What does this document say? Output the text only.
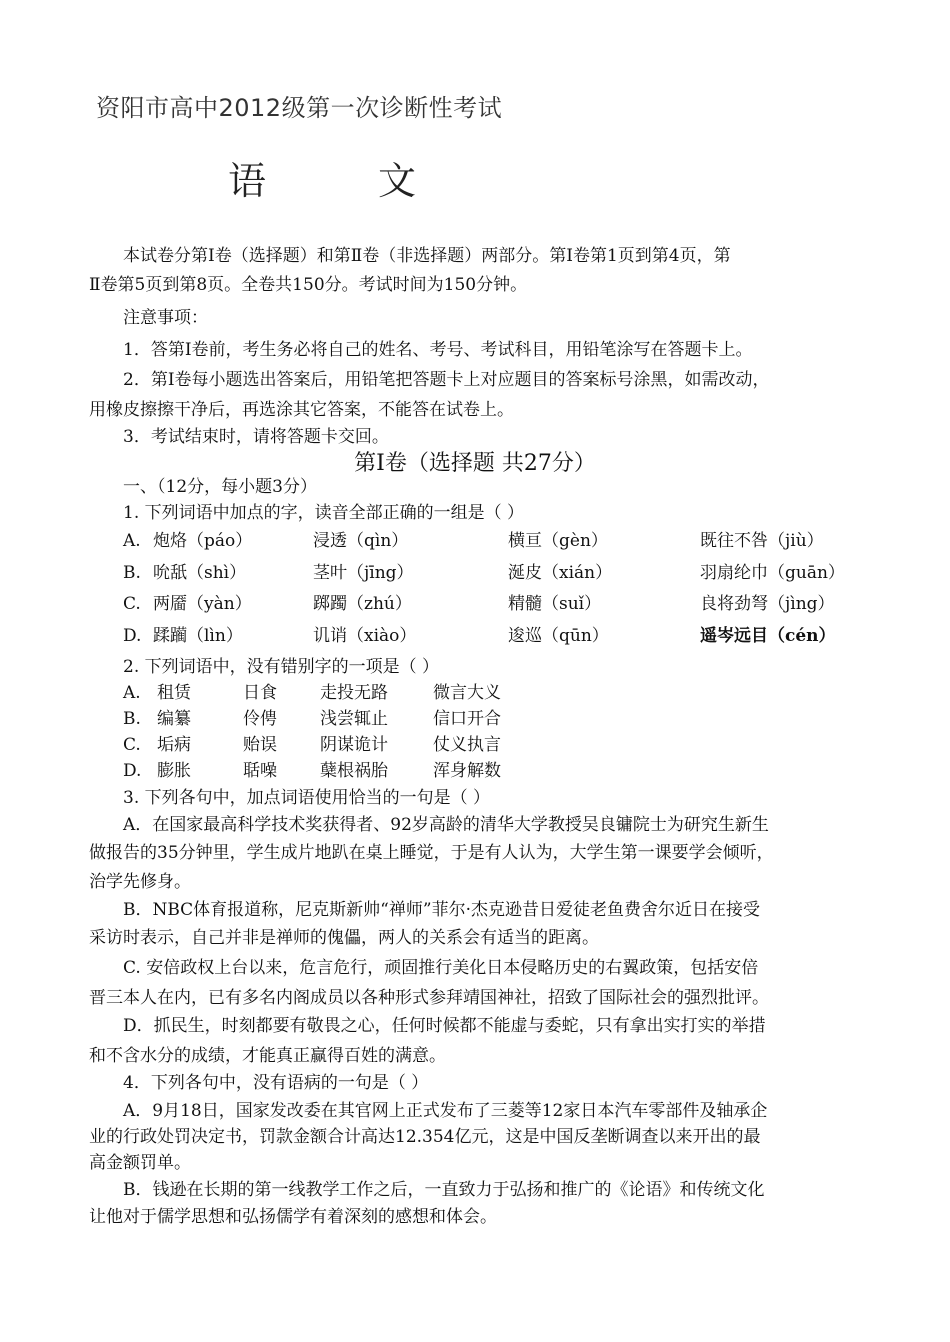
资阳市高中2012级第一次诊断性考试
语文
本试卷分第Ⅰ卷（选择题）和第Ⅱ卷（非选择题）两部分。第Ⅰ卷第1页到第4页，第
Ⅱ卷第5页到第8页。全卷共150分。考试时间为150分钟。
注意事项：
1．答第Ⅰ卷前，考生务必将自己的姓名、考号、考试科目，用铅笔涂写在答题卡上。
2．第Ⅰ卷每小题选出答案后，用铅笔把答题卡上对应题目的答案标号涂黑，如需改动，
用橡皮擦擦干净后，再选涂其它答案，不能答在试卷上。
3．考试结束时，请将答题卡交回。
第Ⅰ卷（选择题 共27分）
一、（12分，每小题3分）
1. 下列词语中加点的字，读音全部正确的一组是（ ）
A. 炮烙（páo）	浸透（qìn）	横亘（gèn）	既往不咎（jiù）
B. 吮舐（shì）	茎叶（jīng）	涎皮（xián）	羽扇纶巾（guān）
C. 两靥（yàn）	踯躅（zhú）	精髓（suǐ）	良将劲弩（jìng）
D. 蹂躏（lìn）	讥诮（xiào）	逡巡（qūn）	遥岑远目（cén）
2. 下列词语中，没有错别字的一项是（ ）
A. 租赁	日食	走投无路	微言大义
B. 编纂	伶俜	浅尝辄止	信口开合
C. 垢病	贻误	阴谋诡计	仗义执言
D. 膨胀	聒噪	蘖根祸胎	浑身解数
3. 下列各句中，加点词语使用恰当的一句是（ ）
A．在国家最高科学技术奖获得者、92岁高龄的清华大学教授吴良镛院士为研究生新生
做报告的35分钟里，学生成片地趴在桌上睡觉，于是有人认为，大学生第一课要学会倾听，
治学先修身。
B．NBC体育报道称，尼克斯新帅“禅师”菲尔·杰克逊昔日爱徒老鱼费舍尔近日在接受
采访时表示，自己并非是禅师的傀儡，两人的关系会有适当的距离。
C. 安倍政权上台以来，危言危行，顽固推行美化日本侵略历史的右翼政策，包括安倍
晋三本人在内，已有多名内阁成员以各种形式参拜靖国神社，招致了国际社会的强烈批评。
D．抓民生，时刻都要有敬畏之心，任何时候都不能虚与委蛇，只有拿出实打实的举措
和不含水分的成绩，才能真正赢得百姓的满意。
4．下列各句中，没有语病的一句是（ ）
A．9月18日，国家发改委在其官网上正式发布了三菱等12家日本汽车零部件及轴承企
业的行政处罚决定书，罚款金额合计高达12.354亿元，这是中国反垄断调查以来开出的最
高金额罚单。
B．钱逊在长期的第一线教学工作之后，一直致力于弘扬和推广的《论语》和传统文化
让他对于儒学思想和弘扬儒学有着深刻的感想和体会。
